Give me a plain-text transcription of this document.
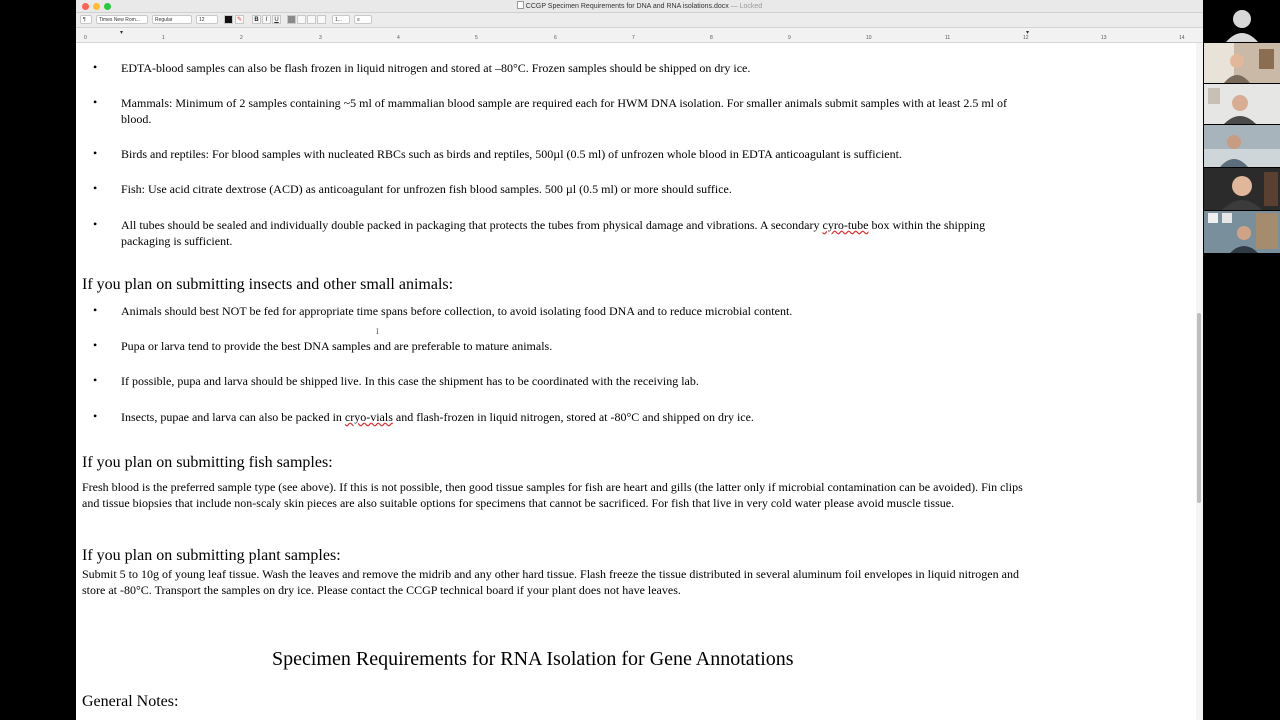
CCGP Specimen Requirements for DNA and RNA isolations.docx — Locked
¶	Times New Rom...	Regular	12	✎	B	I	U	1...	≡
0	1	2	3	4	5	6	7	8	9	10	11	12	13	14
▾	▾
• EDTA-blood samples can also be flash frozen in liquid nitrogen and stored at –80°C. Frozen samples should be shipped on dry ice.
• Mammals: Minimum of 2 samples containing ~5 ml of mammalian blood sample are required each for HWM DNA isolation. For smaller animals submit samples with at least 2.5 ml of blood.
• Birds and reptiles: For blood samples with nucleated RBCs such as birds and reptiles, 500µl (0.5 ml) of unfrozen whole blood in EDTA anticoagulant is sufficient.
• Fish: Use acid citrate dextrose (ACD) as anticoagulant for unfrozen fish blood samples. 500 µl (0.5 ml) or more should suffice.
• All tubes should be sealed and individually double packed in packaging that protects the tubes from physical damage and vibrations. A secondary cyro-tube box within the shipping packaging is sufficient.
If you plan on submitting insects and other small animals:
• Animals should best NOT be fed for appropriate time spans before collection, to avoid isolating food DNA and to reduce microbial content.
• Pupa or larva tend to provide the best DNA samples and are preferable to mature animals.
• If possible, pupa and larva should be shipped live. In this case the shipment has to be coordinated with the receiving lab.
• Insects, pupae and larva can also be packed in cryo-vials and flash-frozen in liquid nitrogen, stored at -80°C and shipped on dry ice.
If you plan on submitting fish samples:
Fresh blood is the preferred sample type (see above). If this is not possible, then good tissue samples for fish are heart and gills (the latter only if microbial contamination can be avoided). Fin clips and tissue biopsies that include non-scaly skin pieces are also suitable options for specimens that cannot be sacrificed. For fish that live in very cold water please avoid muscle tissue.
If you plan on submitting plant samples:
Submit 5 to 10g of young leaf tissue. Wash the leaves and remove the midrib and any other hard tissue. Flash freeze the tissue distributed in several aluminum foil envelopes in liquid nitrogen and store at -80°C. Transport the samples on dry ice. Please contact the CCGP technical board if your plant does not have leaves.
Specimen Requirements for RNA Isolation for Gene Annotations
General Notes:
I
